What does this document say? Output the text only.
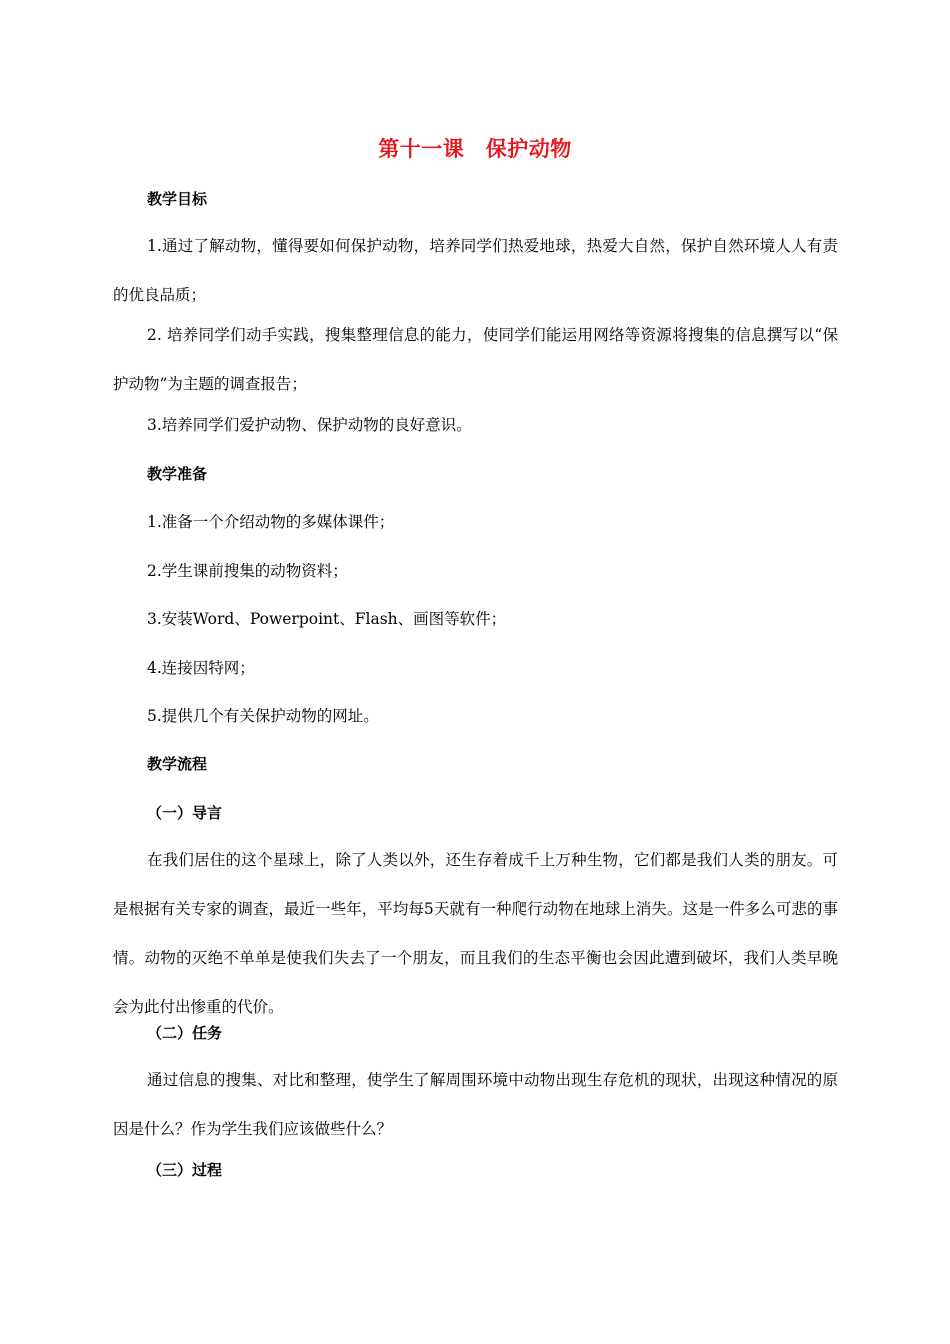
第十一课　保护动物
教学目标
1.通过了解动物，懂得要如何保护动物，培养同学们热爱地球，热爱大自然，保护自然环境人人有责的优良品质；
2. 培养同学们动手实践，搜集整理信息的能力，使同学们能运用网络等资源将搜集的信息撰写以“保护动物”为主题的调查报告；
3.培养同学们爱护动物、保护动物的良好意识。
教学准备
1.准备一个介绍动物的多媒体课件；
2.学生课前搜集的动物资料；
3.安装Word、Powerpoint、Flash、画图等软件；
4.连接因特网；
5.提供几个有关保护动物的网址。
教学流程
（一）导言
在我们居住的这个星球上，除了人类以外，还生存着成千上万种生物，它们都是我们人类的朋友。可是根据有关专家的调查，最近一些年，平均每5天就有一种爬行动物在地球上消失。这是一件多么可悲的事情。动物的灭绝不单单是使我们失去了一个朋友，而且我们的生态平衡也会因此遭到破坏，我们人类早晚会为此付出惨重的代价。
（二）任务
通过信息的搜集、对比和整理，使学生了解周围环境中动物出现生存危机的现状，出现这种情况的原因是什么？作为学生我们应该做些什么？
（三）过程
